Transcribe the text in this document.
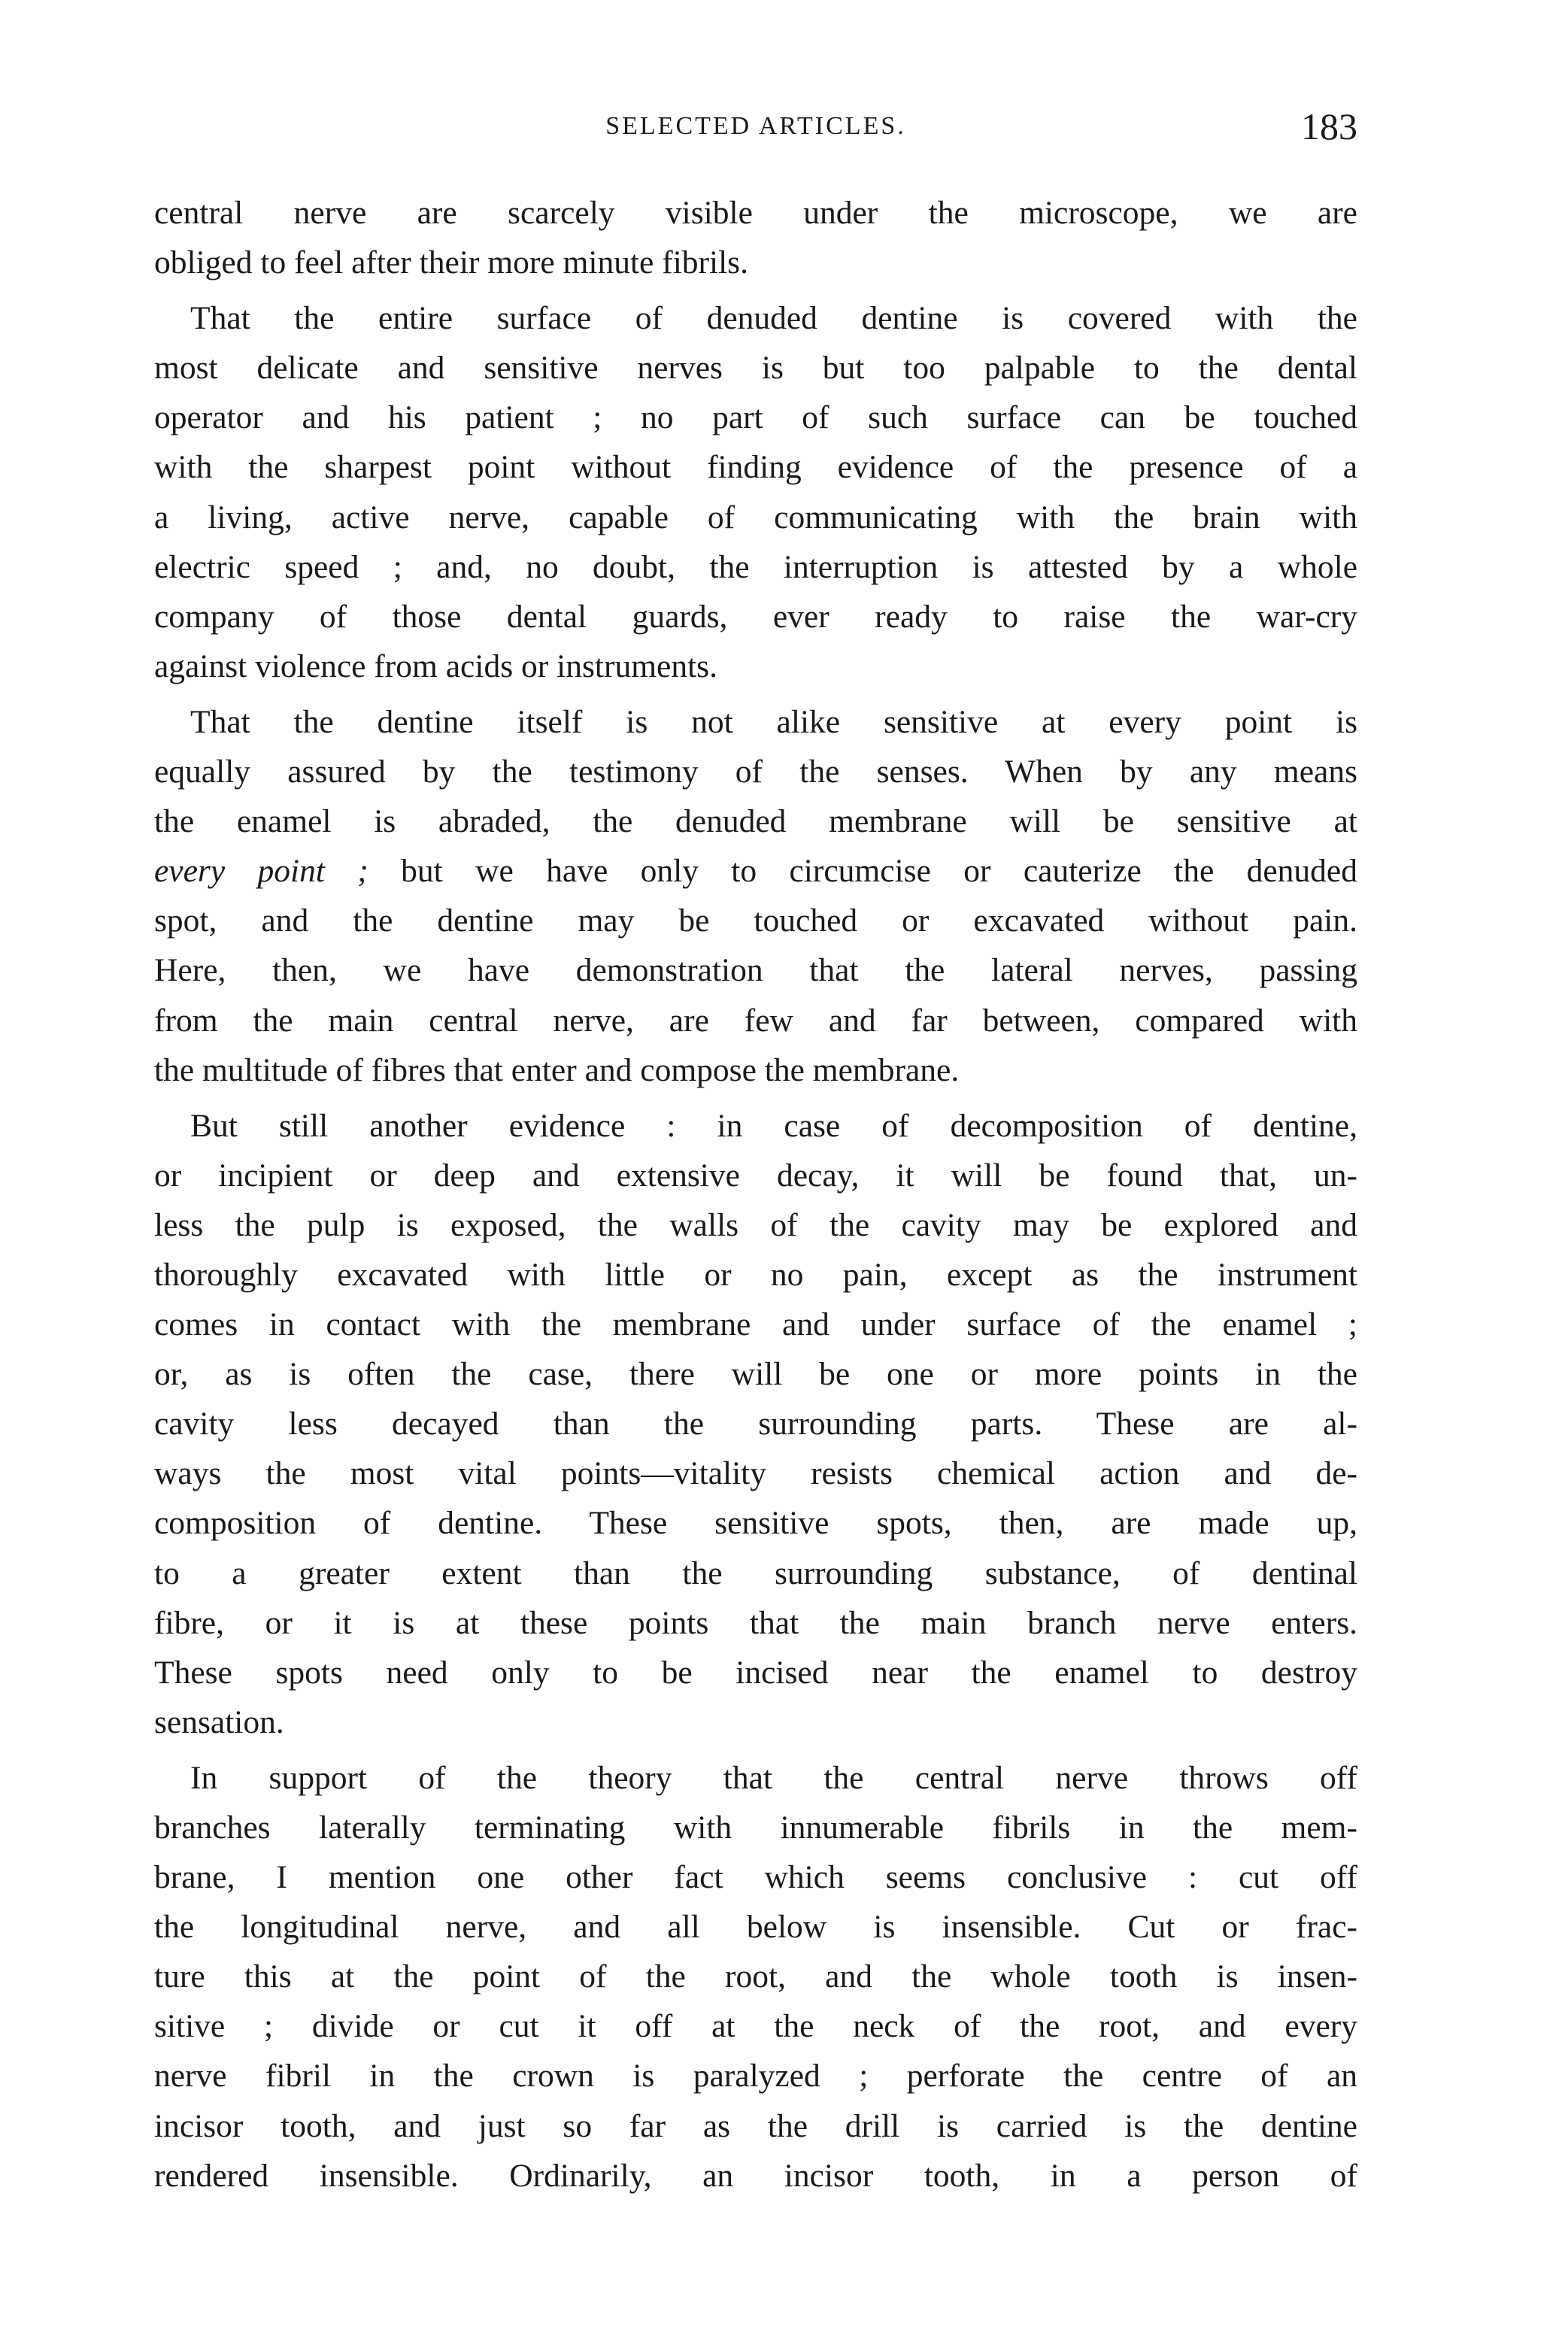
SELECTED ARTICLES.	183
central nerve are scarcely visible under the microscope, we are
obliged to feel after their more minute fibrils.
That the entire surface of denuded dentine is covered with the
most delicate and sensitive nerves is but too palpable to the dental
operator and his patient ; no part of such surface can be touched
with the sharpest point without finding evidence of the presence of a
a living, active nerve, capable of communicating with the brain with
electric speed ; and, no doubt, the interruption is attested by a whole
company of those dental guards, ever ready to raise the war-cry
against violence from acids or instruments.
That the dentine itself is not alike sensitive at every point is
equally assured by the testimony of the senses. When by any means
the enamel is abraded, the denuded membrane will be sensitive at
every point ; but we have only to circumcise or cauterize the denuded
spot, and the dentine may be touched or excavated without pain.
Here, then, we have demonstration that the lateral nerves, passing
from the main central nerve, are few and far between, compared with
the multitude of fibres that enter and compose the membrane.
But still another evidence : in case of decomposition of dentine,
or incipient or deep and extensive decay, it will be found that, un-
less the pulp is exposed, the walls of the cavity may be explored and
thoroughly excavated with little or no pain, except as the instrument
comes in contact with the membrane and under surface of the enamel ;
or, as is often the case, there will be one or more points in the
cavity less decayed than the surrounding parts. These are al-
ways the most vital points—vitality resists chemical action and de-
composition of dentine. These sensitive spots, then, are made up,
to a greater extent than the surrounding substance, of dentinal
fibre, or it is at these points that the main branch nerve enters.
These spots need only to be incised near the enamel to destroy
sensation.
In support of the theory that the central nerve throws off
branches laterally terminating with innumerable fibrils in the mem-
brane, I mention one other fact which seems conclusive : cut off
the longitudinal nerve, and all below is insensible. Cut or frac-
ture this at the point of the root, and the whole tooth is insen-
sitive ; divide or cut it off at the neck of the root, and every
nerve fibril in the crown is paralyzed ; perforate the centre of an
incisor tooth, and just so far as the drill is carried is the dentine
rendered insensible. Ordinarily, an incisor tooth, in a person of
